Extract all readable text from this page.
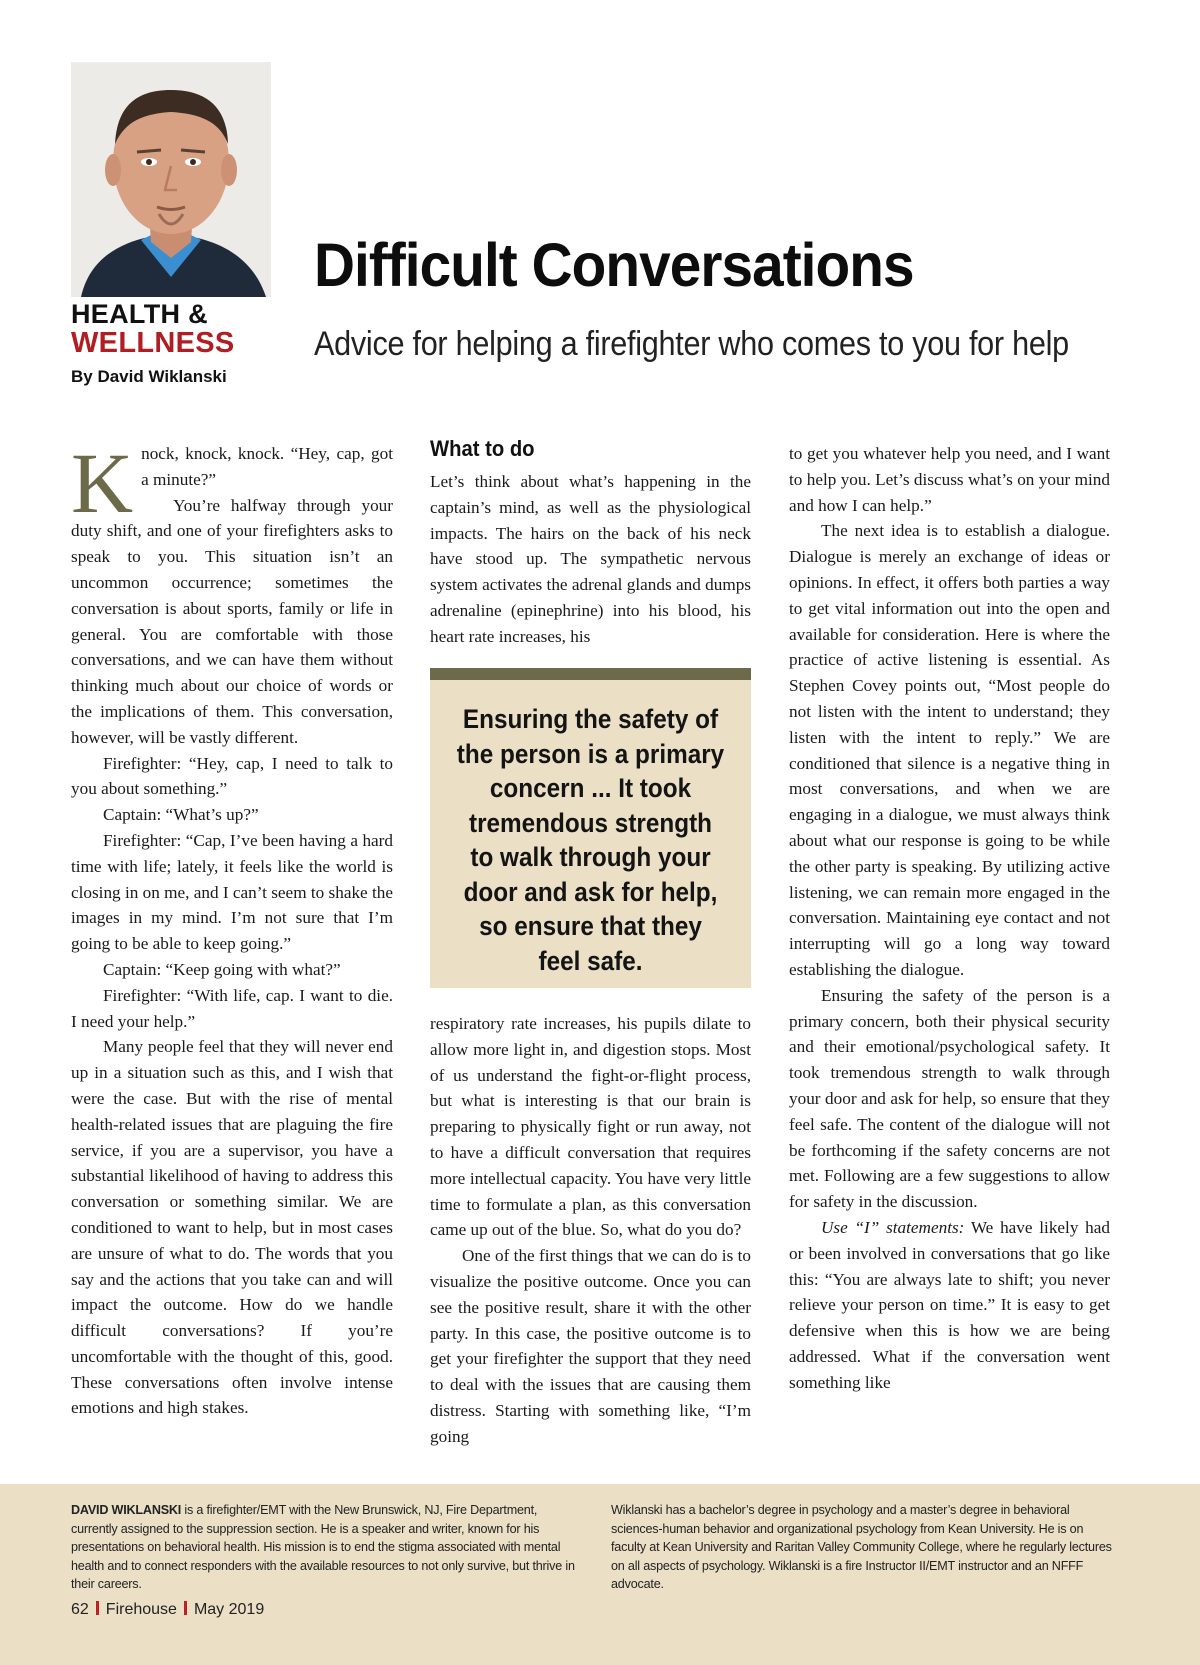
HEALTH &
WELLNESS
By David Wiklanski
Difficult Conversations
Advice for helping a firefighter who comes to you for help
K nock, knock, knock. “Hey, cap, got a minute?”

You’re halfway through your duty shift, and one of your firefighters asks to speak to you. This situation isn’t an uncommon occurrence; sometimes the conversation is about sports, family or life in general. You are comfortable with those conversations, and we can have them without thinking much about our choice of words or the implications of them. This conversation, however, will be vastly different.

Firefighter: “Hey, cap, I need to talk to you about something.”

Captain: “What’s up?”

Firefighter: “Cap, I’ve been having a hard time with life; lately, it feels like the world is closing in on me, and I can’t seem to shake the images in my mind. I’m not sure that I’m going to be able to keep going.”

Captain: “Keep going with what?”

Firefighter: “With life, cap. I want to die. I need your help.”

Many people feel that they will never end up in a situation such as this, and I wish that were the case. But with the rise of mental health-related issues that are plaguing the fire service, if you are a supervisor, you have a substantial likelihood of having to address this conversation or something similar. We are conditioned to want to help, but in most cases are unsure of what to do. The words that you say and the actions that you take can and will impact the outcome. How do we handle difficult conversations? If you’re uncomfortable with the thought of this, good. These conversations often involve intense emotions and high stakes.

What to do

Let’s think about what’s happening in the captain’s mind, as well as the physiological impacts. The hairs on the back of his neck have stood up. The sympathetic nervous system activates the adrenal glands and dumps adrenaline (epinephrine) into his blood, his heart rate increases, his

Ensuring the safety of the person is a primary concern ... It took tremendous strength to walk through your door and ask for help, so ensure that they feel safe.

respiratory rate increases, his pupils dilate to allow more light in, and digestion stops. Most of us understand the fight-or-flight process, but what is interesting is that our brain is preparing to physically fight or run away, not to have a difficult conversation that requires more intellectual capacity. You have very little time to formulate a plan, as this conversation came up out of the blue. So, what do you do?

One of the first things that we can do is to visualize the positive outcome. Once you can see the positive result, share it with the other party. In this case, the positive outcome is to get your firefighter the support that they need to deal with the issues that are causing them distress. Starting with something like, “I’m going

to get you whatever help you need, and I want to help you. Let’s discuss what’s on your mind and how I can help.”

The next idea is to establish a dialogue. Dialogue is merely an exchange of ideas or opinions. In effect, it offers both parties a way to get vital information out into the open and available for consideration. Here is where the practice of active listening is essential. As Stephen Covey points out, “Most people do not listen with the intent to understand; they listen with the intent to reply.” We are conditioned that silence is a negative thing in most conversations, and when we are engaging in a dialogue, we must always think about what our response is going to be while the other party is speaking. By utilizing active listening, we can remain more engaged in the conversation. Maintaining eye contact and not interrupting will go a long way toward establishing the dialogue.

Ensuring the safety of the person is a primary concern, both their physical security and their emotional/psychological safety. It took tremendous strength to walk through your door and ask for help, so ensure that they feel safe. The content of the dialogue will not be forthcoming if the safety concerns are not met. Following are a few suggestions to allow for safety in the discussion.

Use “I” statements: We have likely had or been involved in conversations that go like this: “You are always late to shift; you never relieve your person on time.” It is easy to get defensive when this is how we are being addressed. What if the conversation went something like

DAVID WIKLANSKI is a firefighter/EMT with the New Brunswick, NJ, Fire Department, currently assigned to the suppression section. He is a speaker and writer, known for his presentations on behavioral health. His mission is to end the stigma associated with mental health and to connect responders with the available resources to not only survive, but thrive in their careers.
Wiklanski has a bachelor’s degree in psychology and a master’s degree in behavioral sciences-human behavior and organizational psychology from Kean University. He is on faculty at Kean University and Raritan Valley Community College, where he regularly lectures on all aspects of psychology. Wiklanski is a fire Instructor II/EMT instructor and an NFFF advocate.
62 Firehouse May 2019
